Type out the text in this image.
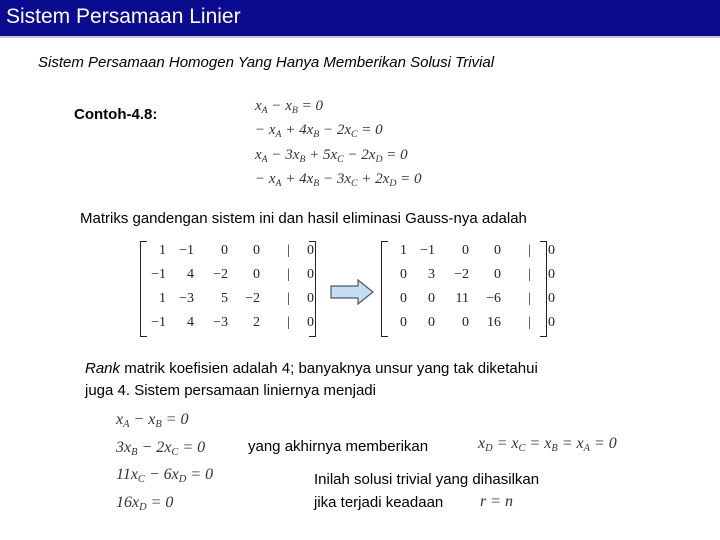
Sistem Persamaan Linier
Sistem Persamaan Homogen Yang Hanya Memberikan Solusi Trivial
Contoh-4.8:	$x_A - x_B = 0$
− $x_A + 4x_B - 2x_C = 0$
$x_A - 3x_B + 5x_C - 2x_D = 0$
− $x_A + 4x_B - 3x_C + 2x_D = 0$
Matriks gandengan sistem ini dan hasil eliminasi Gauss-nya adalah
1 −1	0	0	|	0
−1	4	−2	0	|	0
1 −3	5	−2	|	0
−1	4	−3	2	|	0
1 −1	0	0	|	0
0	3	−2	0	|	0
0	0	11	−6	|	0
0	0	0	16	|	0
Rank matrik koefisien adalah 4; banyaknya unsur yang tak diketahui
juga 4. Sistem persamaan liniernya menjadi
$x_A - x_B = 0$
$3x_B - 2x_C = 0$
$11x_C - 6x_D = 0$
$16x_D = 0$
yang akhirnya memberikan	$x_D = x_C = x_B = x_A = 0$
Inilah solusi trivial yang dihasilkan
jika terjadi keadaan r = n
